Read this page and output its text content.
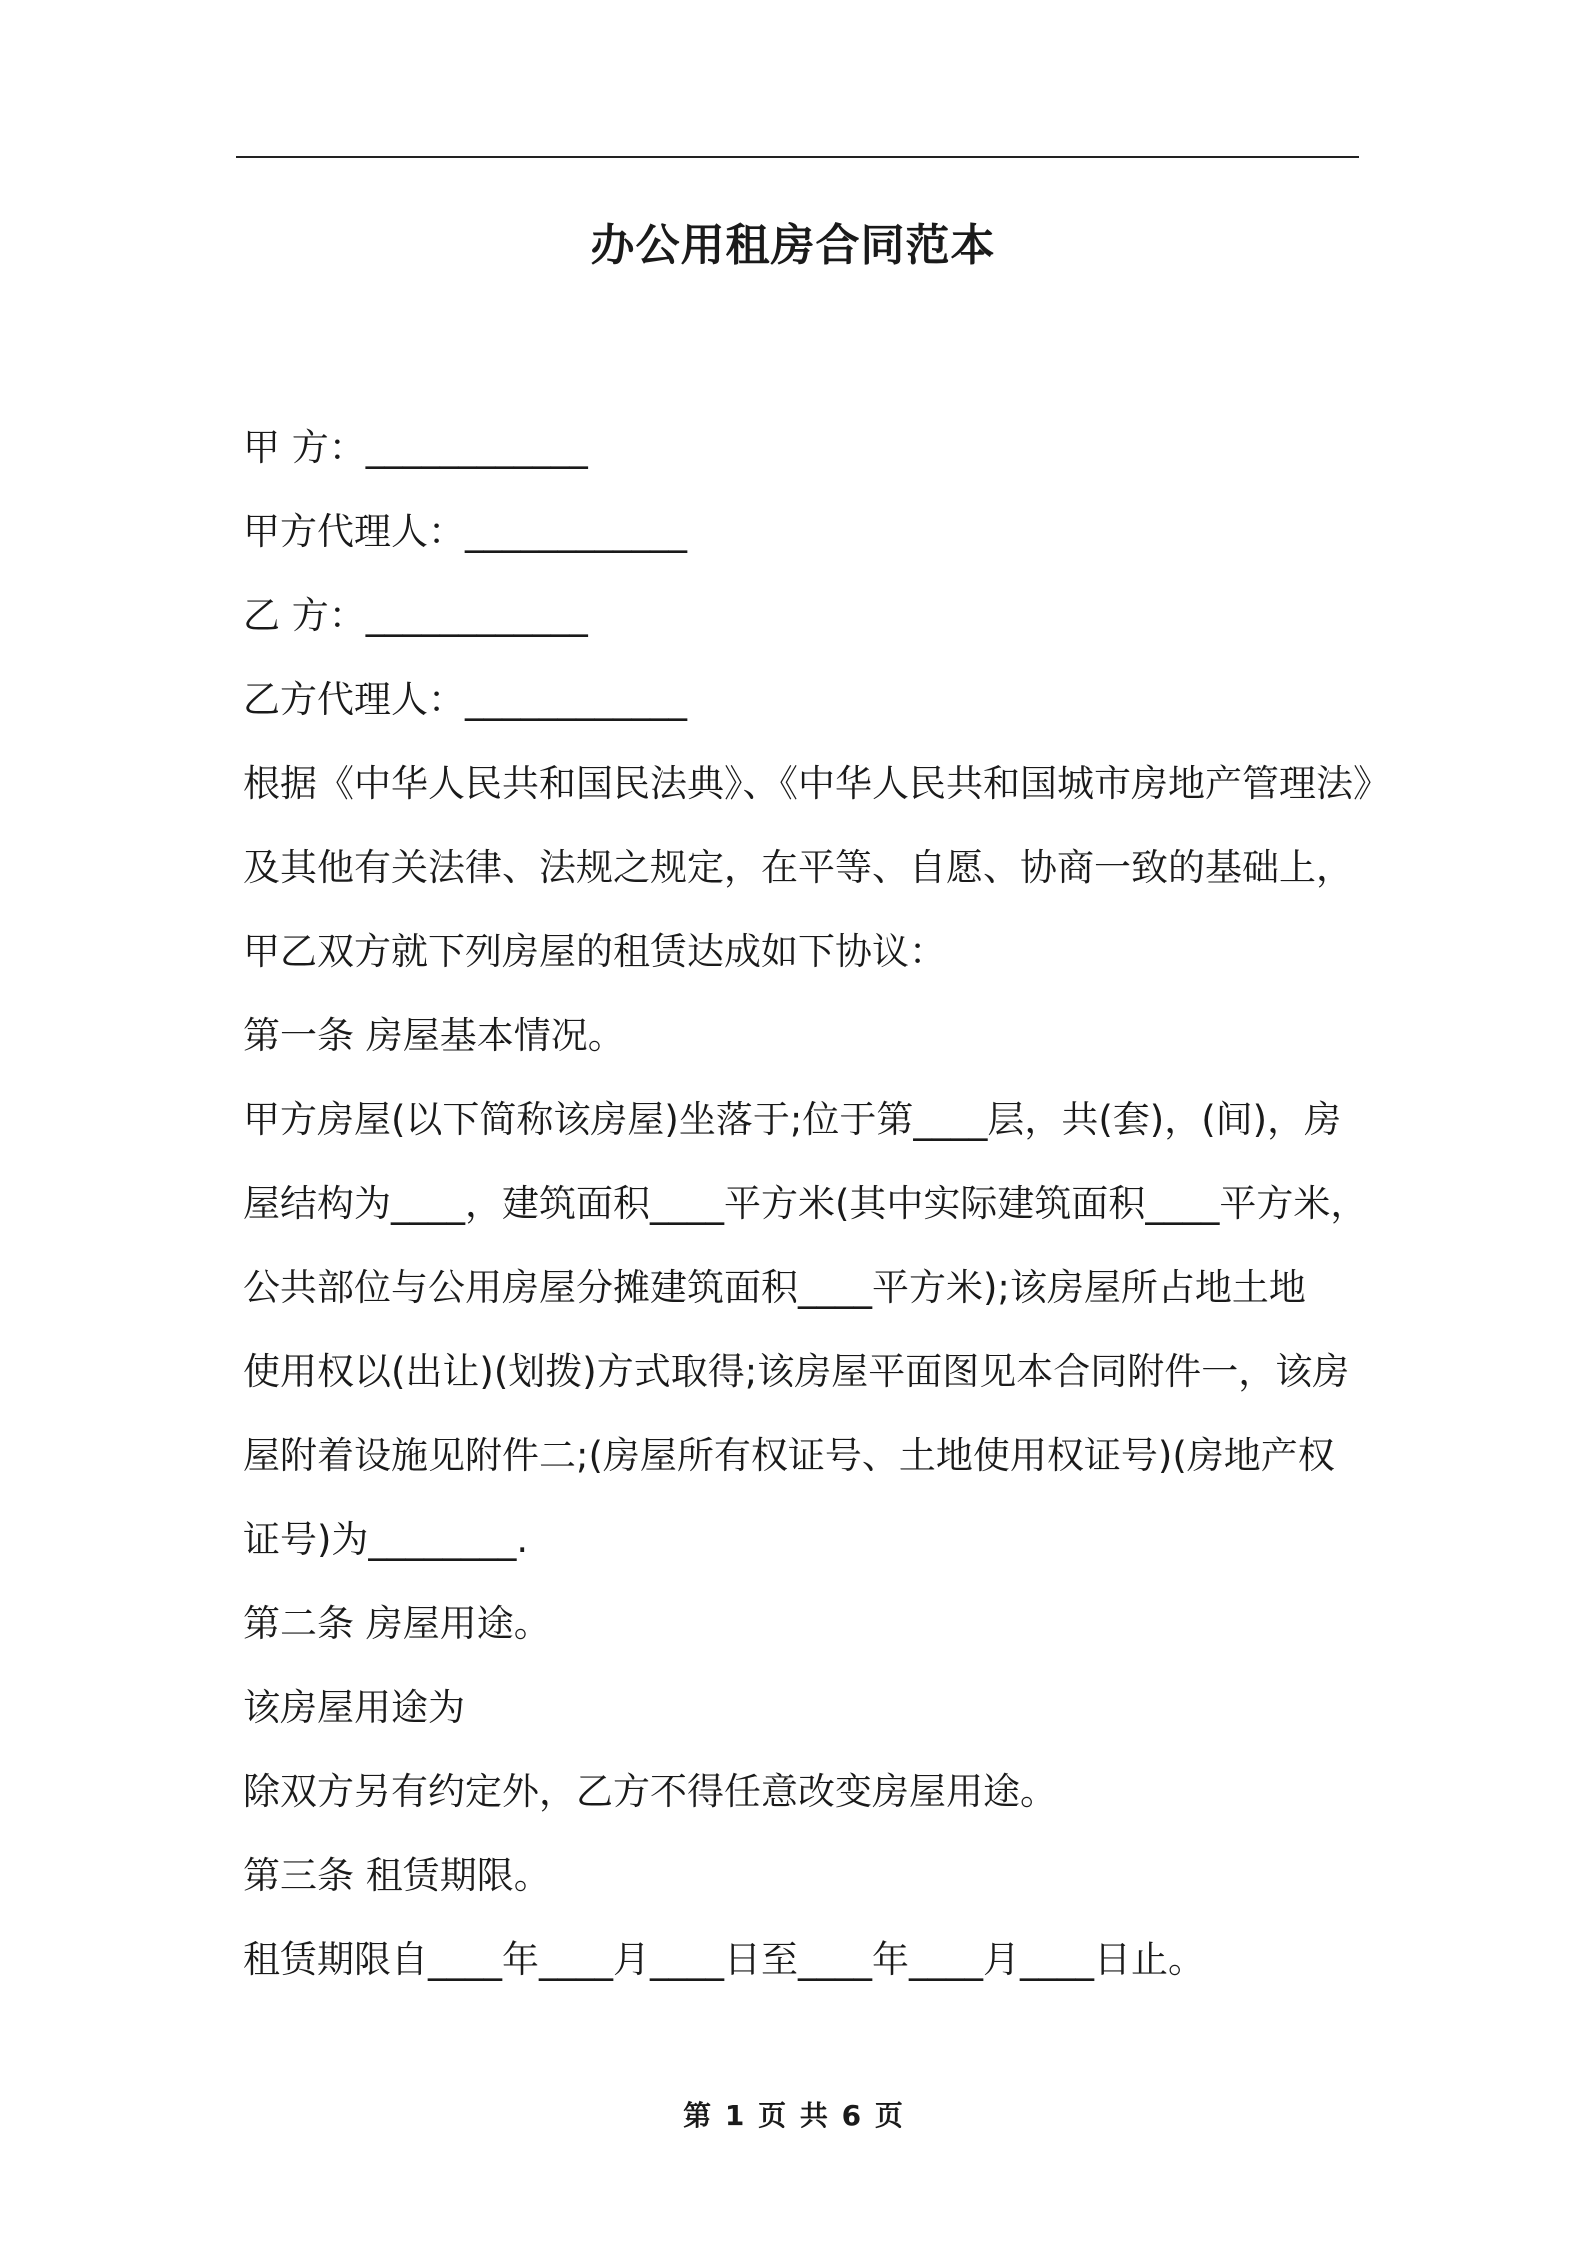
办公用租房合同范本
甲 方：____________
甲方代理人：____________
乙 方：____________
乙方代理人：____________
根据《中华人民共和国民法典》、《中华人民共和国城市房地产管理法》
及其他有关法律、法规之规定，在平等、自愿、协商一致的基础上，
甲乙双方就下列房屋的租赁达成如下协议：
第一条 房屋基本情况。
甲方房屋(以下简称该房屋)坐落于;位于第____层，共(套)，(间)，房
屋结构为____，建筑面积____平方米(其中实际建筑面积____平方米，
公共部位与公用房屋分摊建筑面积____平方米);该房屋所占地土地
使用权以(出让)(划拨)方式取得;该房屋平面图见本合同附件一，该房
屋附着设施见附件二;(房屋所有权证号、土地使用权证号)(房地产权
证号)为________.
第二条 房屋用途。
该房屋用途为
除双方另有约定外，乙方不得任意改变房屋用途。
第三条 租赁期限。
租赁期限自____年____月____日至____年____月____日止。
第 1 页 共 6 页
